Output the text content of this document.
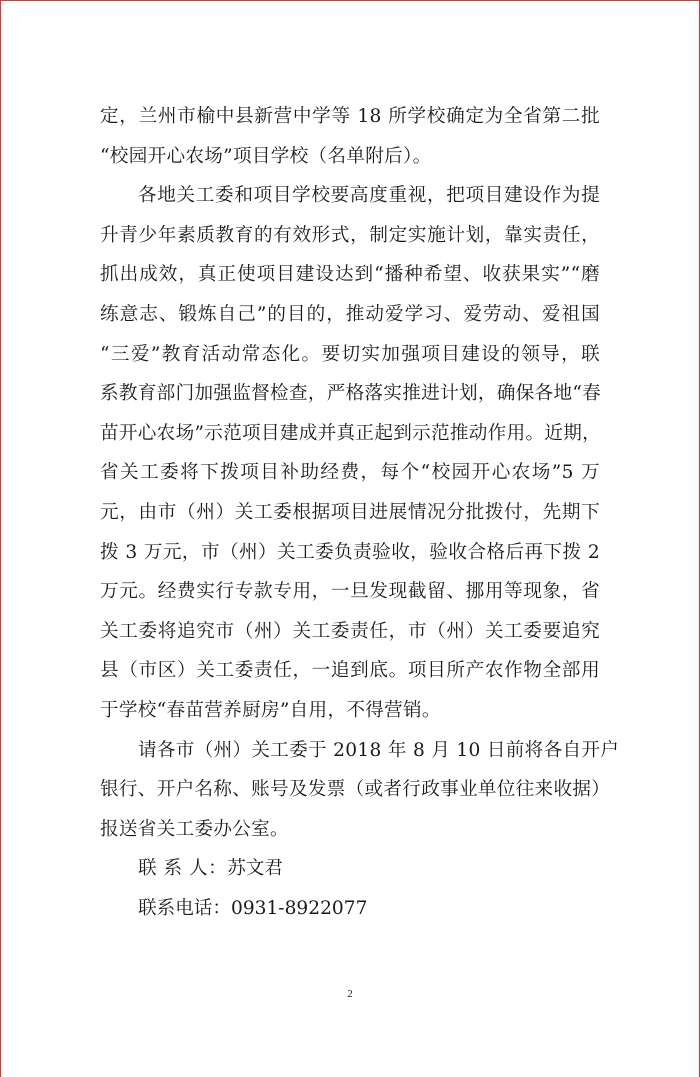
定，兰州市榆中县新营中学等 18 所学校确定为全省第二批
“校园开心农场”项目学校（名单附后）。
各地关工委和项目学校要高度重视，把项目建设作为提
升青少年素质教育的有效形式，制定实施计划，靠实责任，
抓出成效，真正使项目建设达到“播种希望、收获果实”“磨
练意志、锻炼自己”的目的，推动爱学习、爱劳动、爱祖国
“三爱”教育活动常态化。要切实加强项目建设的领导，联
系教育部门加强监督检查，严格落实推进计划，确保各地“春
苗开心农场”示范项目建成并真正起到示范推动作用。近期，
省关工委将下拨项目补助经费，每个“校园开心农场”5 万
元，由市（州）关工委根据项目进展情况分批拨付，先期下
拨 3 万元，市（州）关工委负责验收，验收合格后再下拨 2
万元。经费实行专款专用，一旦发现截留、挪用等现象，省
关工委将追究市（州）关工委责任，市（州）关工委要追究
县（市区）关工委责任，一追到底。项目所产农作物全部用
于学校“春苗营养厨房”自用，不得营销。
请各市（州）关工委于 2018 年 8 月 10 日前将各自开户
银行、开户名称、账号及发票（或者行政事业单位往来收据）
报送省关工委办公室。
联 系 人：苏文君
联系电话：0931-8922077
2
